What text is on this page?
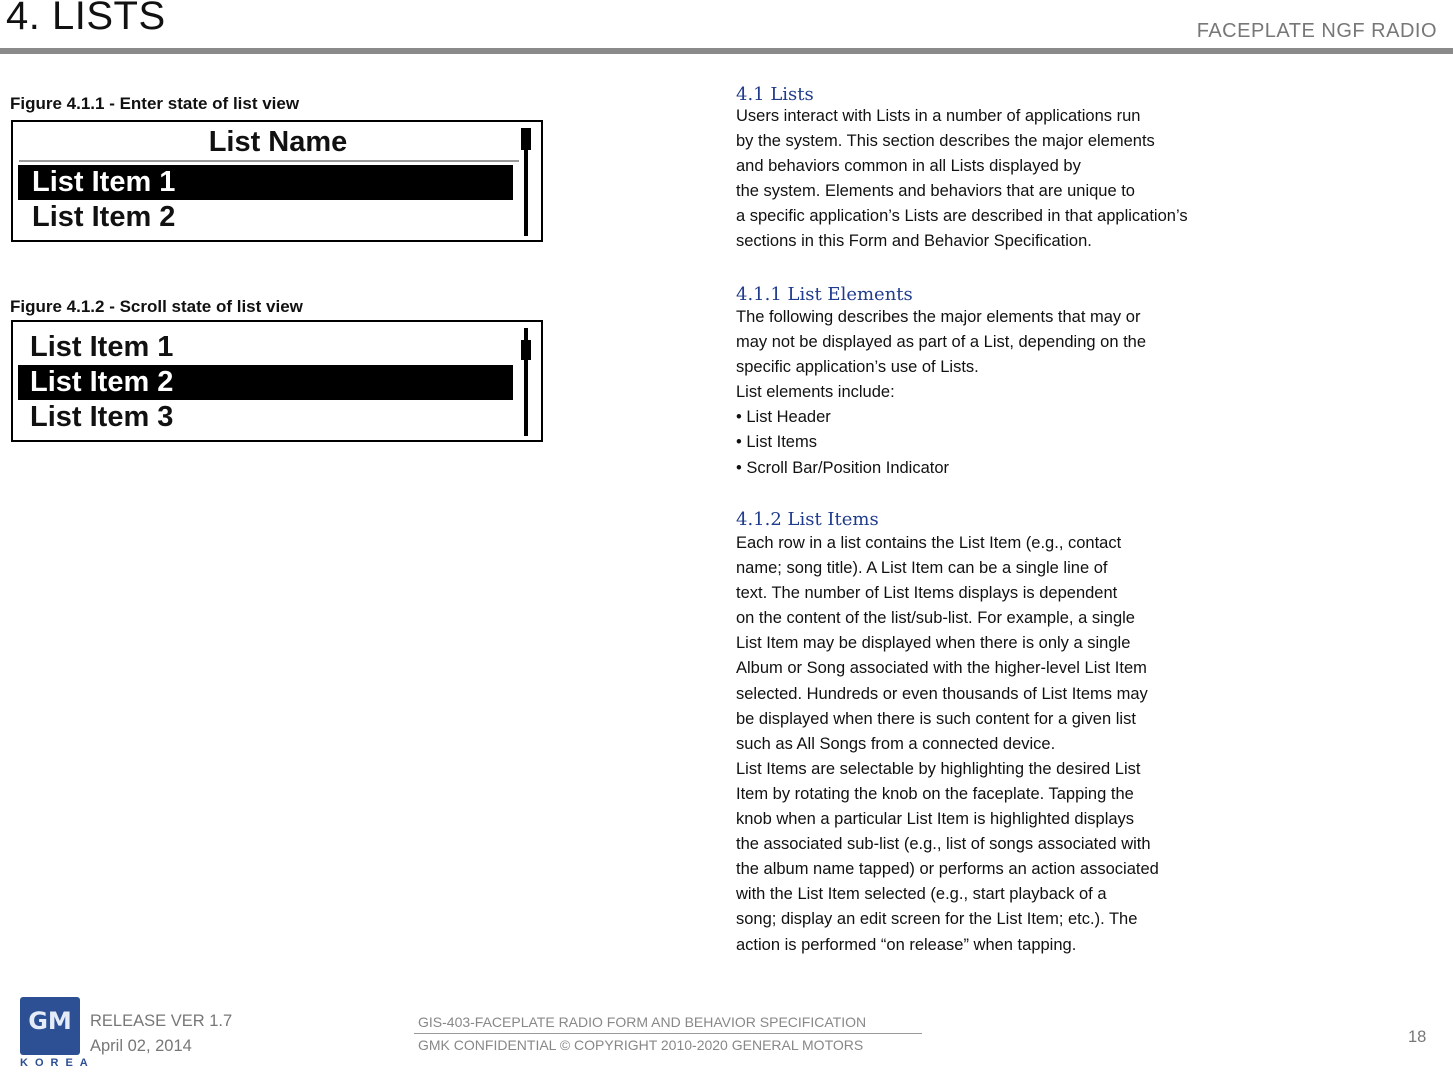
4. LISTS	FACEPLATE NGF RADIO
Figure 4.1.1 - Enter state of list view
List Name
List Item 1
List Item 2
Figure 4.1.2 - Scroll state of list view
List Item 1
List Item 2
List Item 3
4.1 Lists
Users interact with Lists in a number of applications run
by the system. This section describes the major elements
and behaviors common in all Lists displayed by
the system. Elements and behaviors that are unique to
a specific application’s Lists are described in that application’s
sections in this Form and Behavior Specification.
4.1.1 List Elements
The following describes the major elements that may or
may not be displayed as part of a List, depending on the
specific application’s use of Lists.
List elements include:
• List Header
• List Items
• Scroll Bar/Position Indicator
4.1.2 List Items
Each row in a list contains the List Item (e.g., contact
name; song title). A List Item can be a single line of
text. The number of List Items displays is dependent
on the content of the list/sub-list. For example, a single
List Item may be displayed when there is only a single
Album or Song associated with the higher-level List Item
selected. Hundreds or even thousands of List Items may
be displayed when there is such content for a given list
such as All Songs from a connected device.
List Items are selectable by highlighting the desired List
Item by rotating the knob on the faceplate. Tapping the
knob when a particular List Item is highlighted displays
the associated sub-list (e.g., list of songs associated with
the album name tapped) or performs an action associated
with the List Item selected (e.g., start playback of a
song; display an edit screen for the List Item; etc.). The
action is performed “on release” when tapping.
GM
KOREA
RELEASE VER 1.7
April 02, 2014
GIS-403-FACEPLATE RADIO FORM AND BEHAVIOR SPECIFICATION
GMK CONFIDENTIAL © COPYRIGHT 2010-2020 GENERAL MOTORS	18
